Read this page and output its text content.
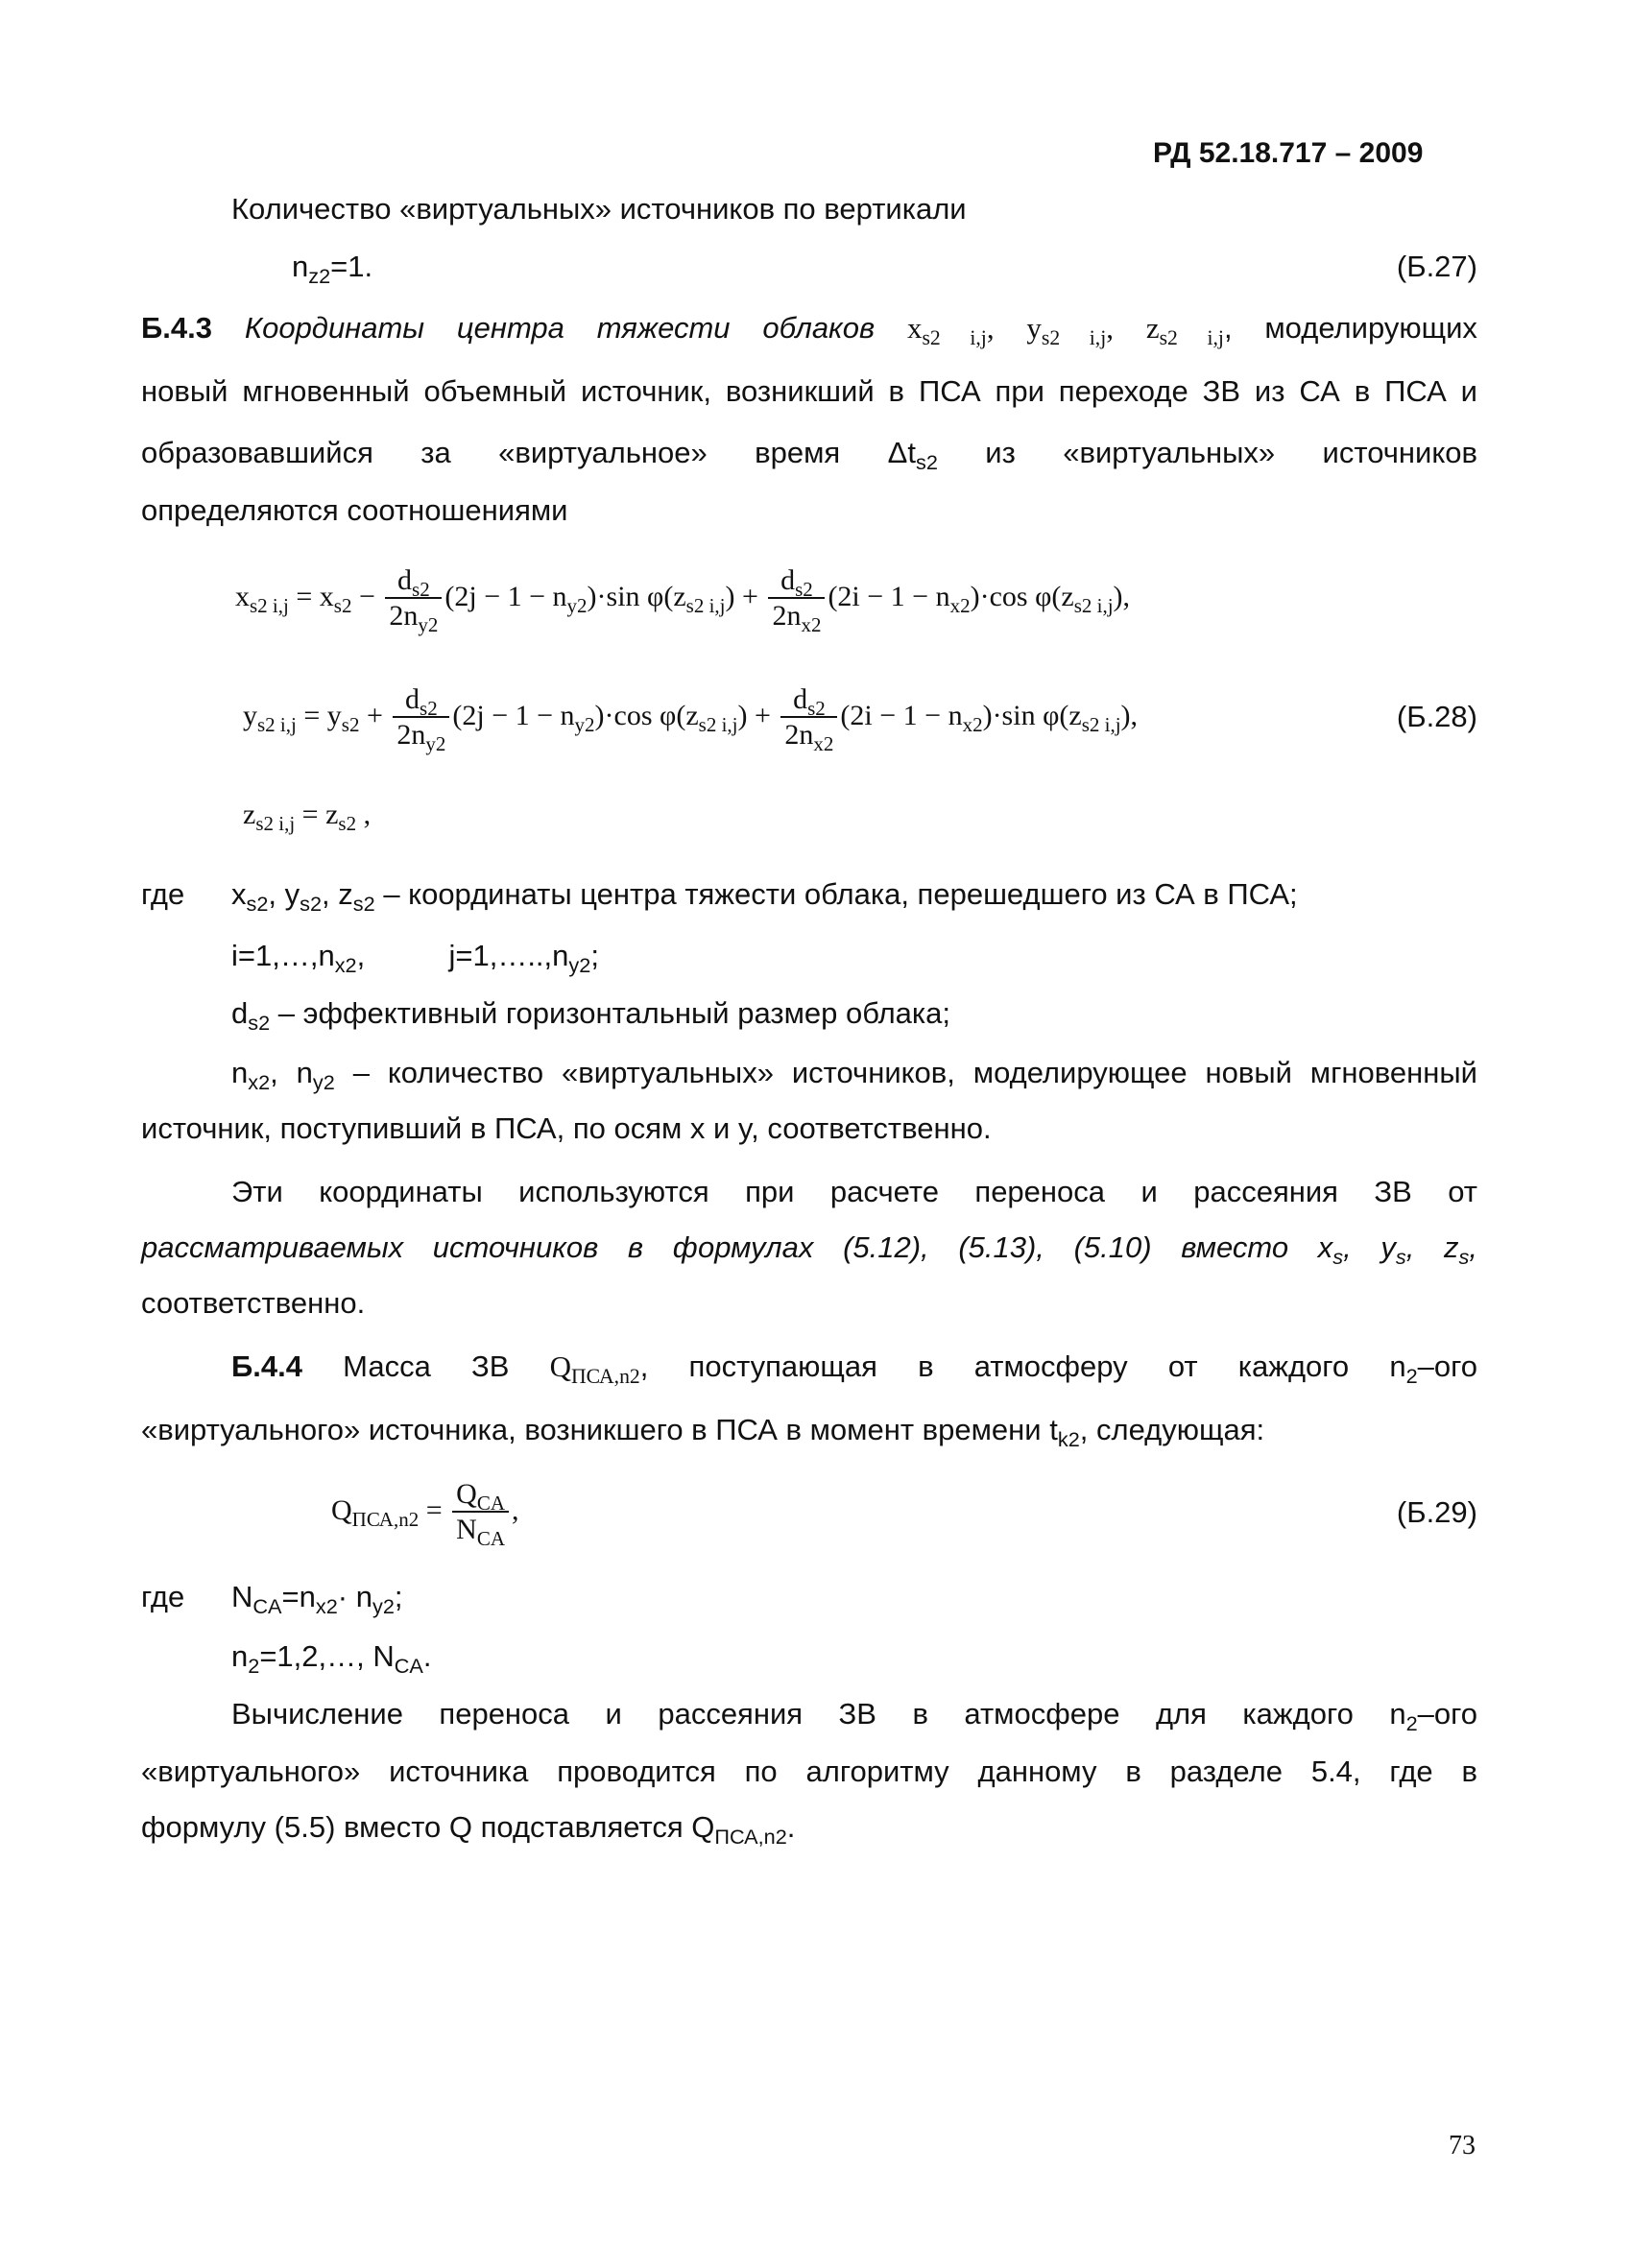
РД 52.18.717 – 2009
Количество «виртуальных» источников по вертикали
$n_{z2}=1$.	(Б.27)
Б.4.3 Координаты центра тяжести облаков $x_{s2 i,j}$, $y_{s2 i,j}$, $z_{s2 i,j}$, моделирующих
новый мгновенный объемный источник, возникший в ПСА при переходе ЗВ из СА в ПСА и
образовавшийся за «виртуальное» время $\Delta t_{s2}$ из «виртуальных» источников
определяются соотношениями
$x_{s2 i,j} = x_{s2} - \frac{d_{s2}}{2n_{y2}} (2j - 1 - n_{y2})\cdot\sin$ $\varphi(z_{s2 i,j}) + \frac{d_{s2}}{2n_{x2}} (2i - 1 - n_{x2})\cdot\cos$ $\varphi(z_{s2 i,j})$,
$y_{s2 i,j} = y_{s2} + \frac{d_{s2}}{2n_{y2}} (2j - 1 - n_{y2})\cdot\cos$ $\varphi(z_{s2 i,j}) + \frac{d_{s2}}{2n_{x2}} (2i - 1 - n_{x2})\cdot\sin$ $\varphi(z_{s2 i,j})$,	(Б.28)
$z_{s2 i,j} = z_{s2}$ ,
где $x_{s2}$, $y_{s2}$, $z_{s2}$ – координаты центра тяжести облака, перешедшего из СА в ПСА;
$i=1,\dots,n_{x2}$,	$j=1,\dots..,n_{y2}$;
$d_{s2}$ – эффективный горизонтальный размер облака;
$n_{x2}$, $n_{y2}$ – количество «виртуальных» источников, моделирующее новый мгновенный
источник, поступивший в ПСА, по осям x и y, соответственно.
Эти координаты используются при расчете переноса и рассеяния ЗВ от
рассматриваемых источников в формулах (5.12), (5.13), (5.10) вместо $x_s$, $y_s$, $z_s$,
соответственно.
Б.4.4 Масса ЗВ $Q_{ПСА,n2}$, поступающая в атмосферу от каждого $n_2$–ого
«виртуального» источника, возникшего в ПСА в момент времени $t_{k2}$, следующая:
$Q_{ПСА,n2} = \frac{Q_{CA}}{N_{CA}}$ ,	(Б.29)
где $N_{CA}=n_{x2}\cdot n_{y2}$;
$n_2=1,2,\dots$, $N_{CA}$.
Вычисление переноса и рассеяния ЗВ в атмосфере для каждого $n_2$–ого
«виртуального» источника проводится по алгоритму данному в разделе 5.4, где в
формулу (5.5) вместо Q подставляется $Q_{ПСА,n2}$.
73
